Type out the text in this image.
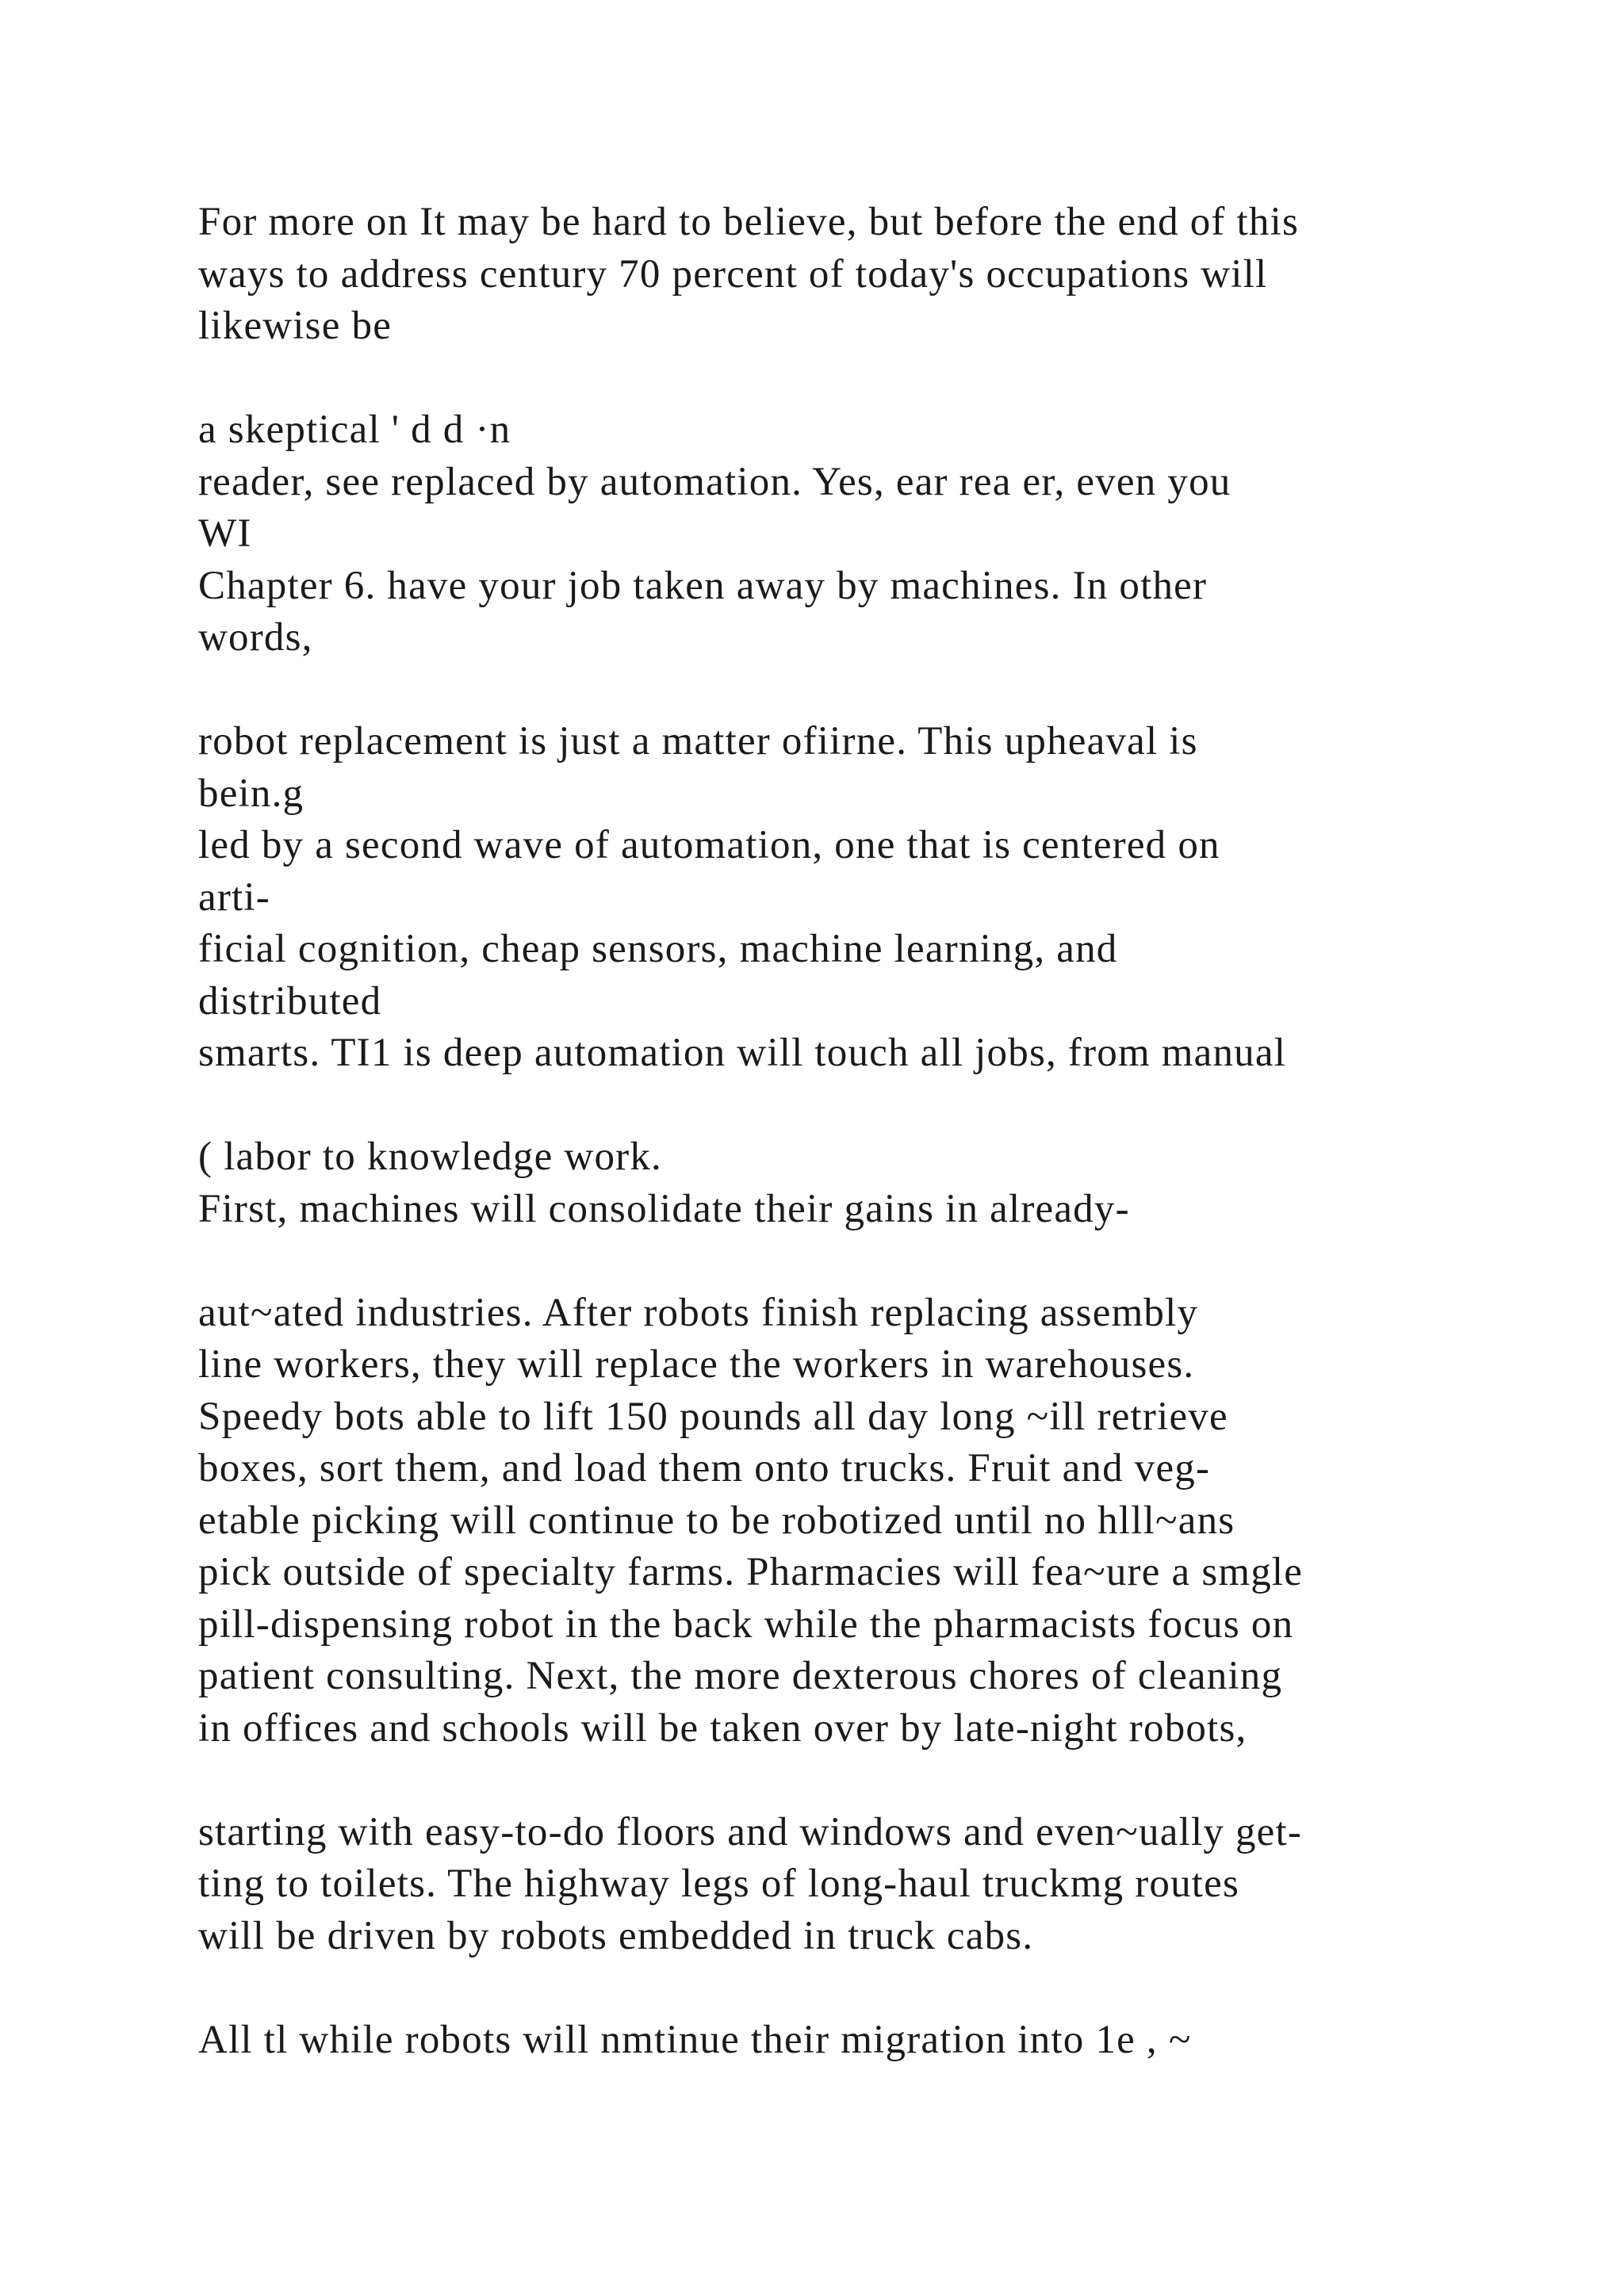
For more on It may be hard to believe, but before the end of this
ways to address century 70 percent of today's occupations will
likewise be
a skeptical ' d d ·n
reader, see replaced by automation. Yes, ear rea er, even you
WI
Chapter 6. have your job taken away by machines. In other
words,
robot replacement is just a matter ofiirne. This upheaval is
bein.g
led by a second wave of automation, one that is centered on
arti-
ficial cognition, cheap sensors, machine learning, and
distributed
smarts. TI1 is deep automation will touch all jobs, from manual
( labor to knowledge work.
First, machines will consolidate their gains in already-
aut~ated industries. After robots finish replacing assembly
line workers, they will replace the workers in warehouses.
Speedy bots able to lift 150 pounds all day long ~ill retrieve
boxes, sort them, and load them onto trucks. Fruit and veg-
etable picking will continue to be robotized until no hlll~ans
pick outside of specialty farms. Pharmacies will fea~ure a smgle
pill-dispensing robot in the back while the pharmacists focus on
patient consulting. Next, the more dexterous chores of cleaning
in offices and schools will be taken over by late-night robots,
starting with easy-to-do floors and windows and even~ually get-
ting to toilets. The highway legs of long-haul truckmg routes
will be driven by robots embedded in truck cabs.
All tl while robots will nmtinue their migration into 1e , ~
